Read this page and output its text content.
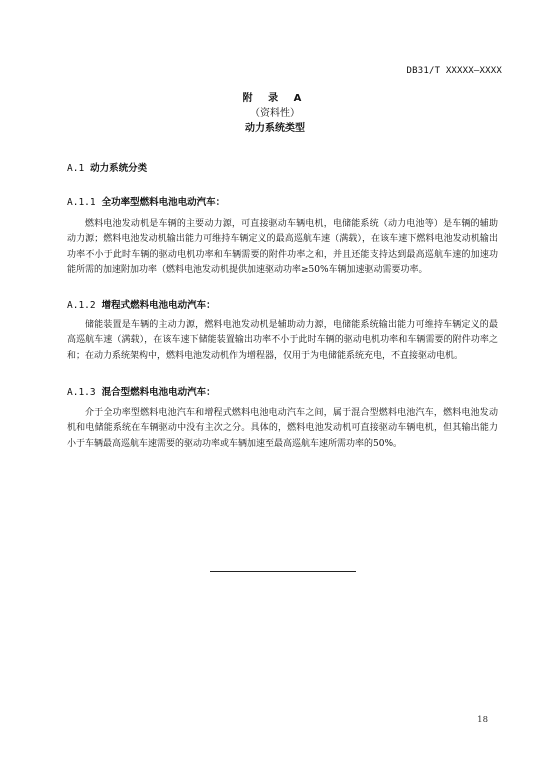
DB31/T XXXXX—XXXX
附 录 A
（资料性）
动力系统类型
A.1 动力系统分类
A.1.1 全功率型燃料电池电动汽车：

燃料电池发动机是车辆的主要动力源，可直接驱动车辆电机，电储能系统（动力电池等）是车辆的辅助动力源；燃料电池发动机输出能力可维持车辆定义的最高巡航车速（满载），在该车速下燃料电池发动机输出功率不小于此时车辆的驱动电机功率和车辆需要的附件功率之和，并且还能支持达到最高巡航车速的加速功能所需的加速附加功率（燃料电池发动机提供加速驱动功率≥50%车辆加速驱动需要功率。

A.1.2 增程式燃料电池电动汽车：

储能装置是车辆的主动力源，燃料电池发动机是辅助动力源，电储能系统输出能力可维持车辆定义的最高巡航车速（满载），在该车速下储能装置输出功率不小于此时车辆的驱动电机功率和车辆需要的附件功率之和；在动力系统架构中，燃料电池发动机作为增程器，仅用于为电储能系统充电，不直接驱动电机。

A.1.3 混合型燃料电池电动汽车：

介于全功率型燃料电池汽车和增程式燃料电池电动汽车之间，属于混合型燃料电池汽车，燃料电池发动机和电储能系统在车辆驱动中没有主次之分。具体的，燃料电池发动机可直接驱动车辆电机，但其输出能力小于车辆最高巡航车速需要的驱动功率或车辆加速至最高巡航车速所需功率的50%。

18
